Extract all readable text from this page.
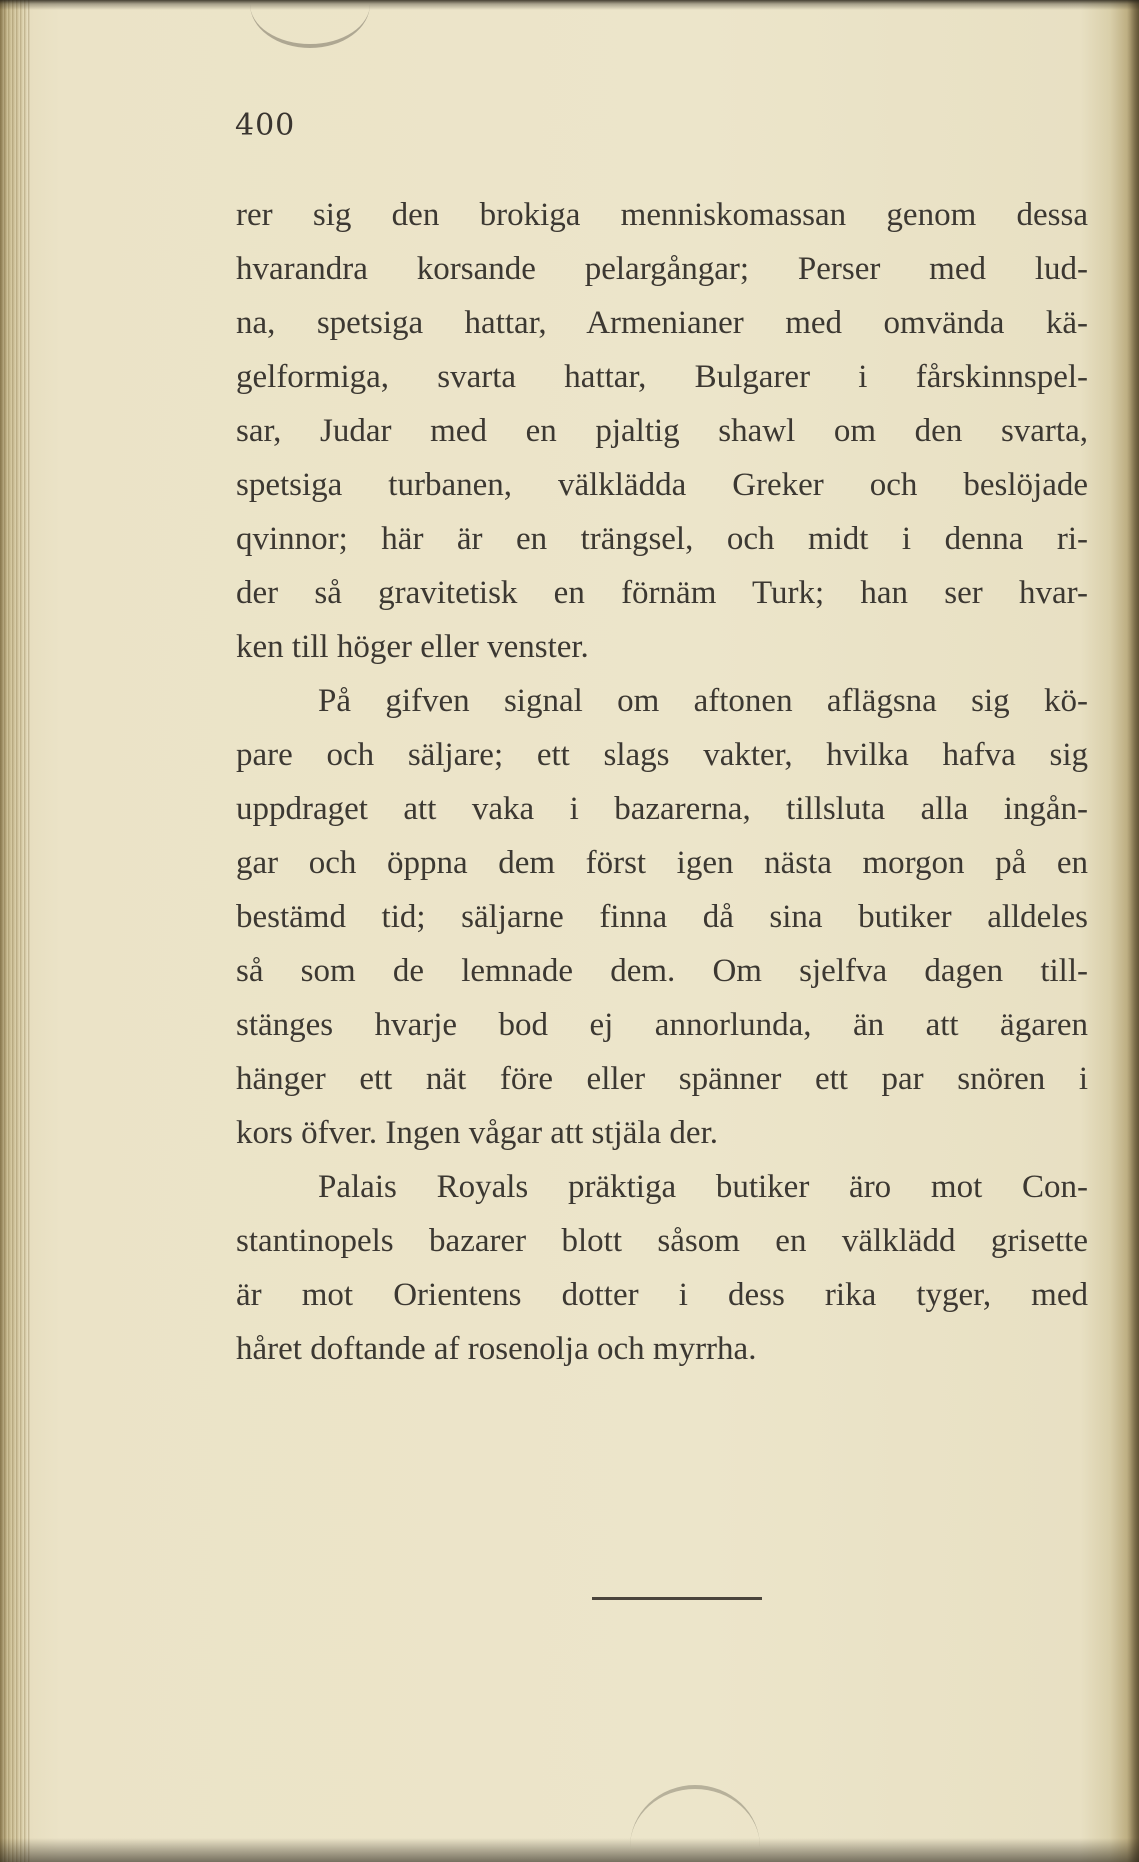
400
rer sig den brokiga menniskomassan genom dessa
hvarandra korsande pelargångar; Perser med lud-
na, spetsiga hattar, Armenianer med omvända kä-
gelformiga, svarta hattar, Bulgarer i fårskinnspel-
sar, Judar med en pjaltig shawl om den svarta,
spetsiga turbanen, välklädda Greker och beslöjade
qvinnor; här är en trängsel, och midt i denna ri-
der så gravitetisk en förnäm Turk; han ser hvar-
ken till höger eller venster.
På gifven signal om aftonen aflägsna sig kö-
pare och säljare; ett slags vakter, hvilka hafva sig
uppdraget att vaka i bazarerna, tillsluta alla ingån-
gar och öppna dem först igen nästa morgon på en
bestämd tid; säljarne finna då sina butiker alldeles
så som de lemnade dem. Om sjelfva dagen till-
stänges hvarje bod ej annorlunda, än att ägaren
hänger ett nät före eller spänner ett par snören i
kors öfver. Ingen vågar att stjäla der.
Palais Royals präktiga butiker äro mot Con-
stantinopels bazarer blott såsom en välklädd grisette
är mot Orientens dotter i dess rika tyger, med
håret doftande af rosenolja och myrrha.
